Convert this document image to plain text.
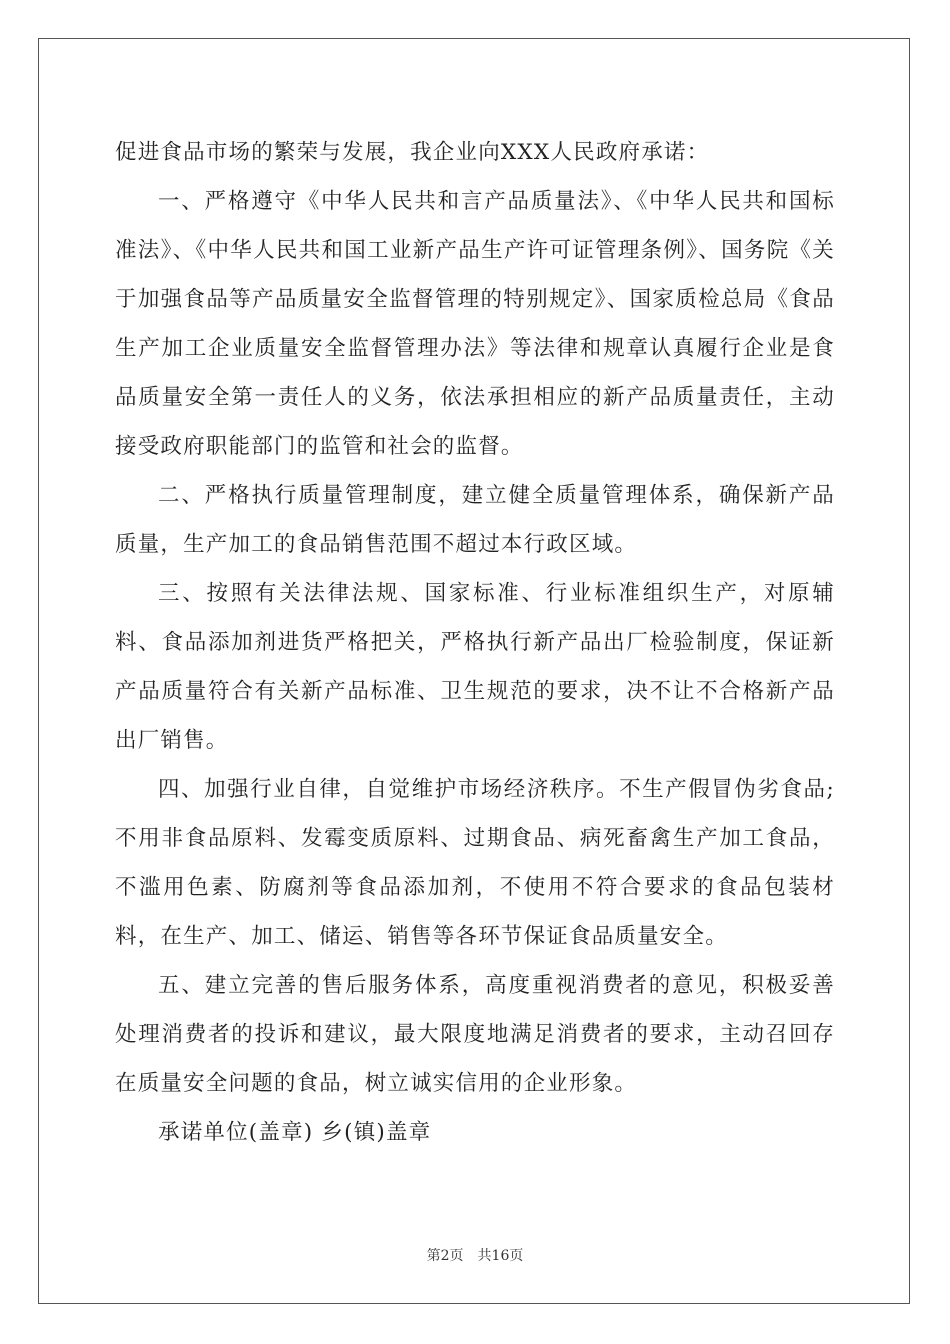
促进食品市场的繁荣与发展，我企业向XXX人民政府承诺：

一、严格遵守《中华人民共和言产品质量法》、《中华人民共和国标准法》、《中华人民共和国工业新产品生产许可证管理条例》、国务院《关于加强食品等产品质量安全监督管理的特别规定》、国家质检总局《食品生产加工企业质量安全监督管理办法》等法律和规章认真履行企业是食品质量安全第一责任人的义务，依法承担相应的新产品质量责任，主动接受政府职能部门的监管和社会的监督。

二、严格执行质量管理制度，建立健全质量管理体系，确保新产品质量，生产加工的食品销售范围不超过本行政区域。

三、按照有关法律法规、国家标准、行业标准组织生产，对原辅料、食品添加剂进货严格把关，严格执行新产品出厂检验制度，保证新产品质量符合有关新产品标准、卫生规范的要求，决不让不合格新产品出厂销售。

四、加强行业自律，自觉维护市场经济秩序。不生产假冒伪劣食品;不用非食品原料、发霉变质原料、过期食品、病死畜禽生产加工食品，不滥用色素、防腐剂等食品添加剂，不使用不符合要求的食品包装材料，在生产、加工、储运、销售等各环节保证食品质量安全。

五、建立完善的售后服务体系，高度重视消费者的意见，积极妥善处理消费者的投诉和建议，最大限度地满足消费者的要求，主动召回存在质量安全问题的食品，树立诚实信用的企业形象。

承诺单位(盖章) 乡(镇)盖章

第2页 共16页
